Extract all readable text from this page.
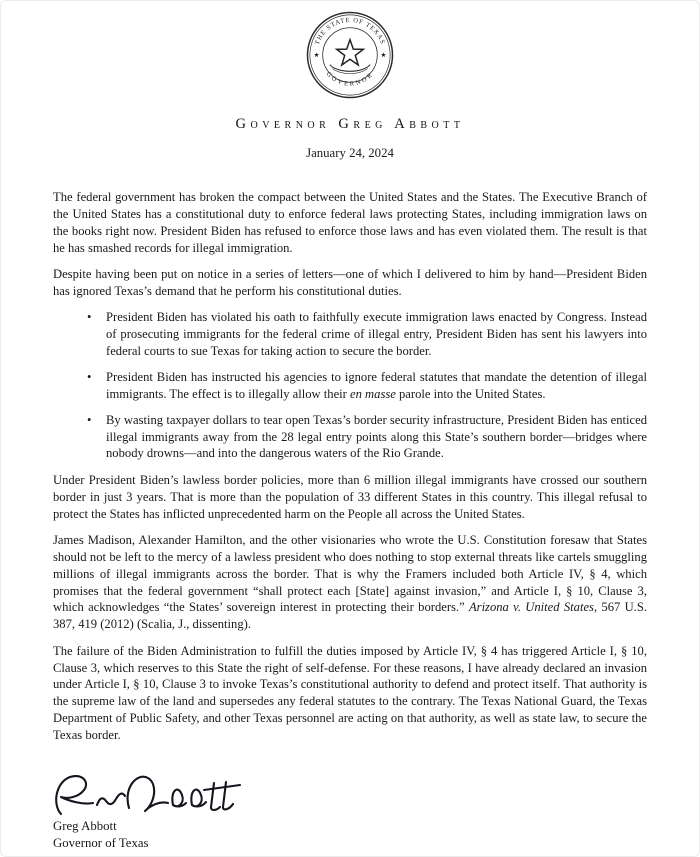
THE STATE OF TEXAS
GOVERNOR
Governor Greg Abbott
January 24, 2024

The federal government has broken the compact between the United States and the States. The Executive Branch of the United States has a constitutional duty to enforce federal laws protecting States, including immigration laws on the books right now. President Biden has refused to enforce those laws and has even violated them. The result is that he has smashed records for illegal immigration.

Despite having been put on notice in a series of letters—one of which I delivered to him by hand—President Biden has ignored Texas’s demand that he perform his constitutional duties.

• President Biden has violated his oath to faithfully execute immigration laws enacted by Congress. Instead of prosecuting immigrants for the federal crime of illegal entry, President Biden has sent his lawyers into federal courts to sue Texas for taking action to secure the border.
• President Biden has instructed his agencies to ignore federal statutes that mandate the detention of illegal immigrants. The effect is to illegally allow their en masse parole into the United States.
• By wasting taxpayer dollars to tear open Texas’s border security infrastructure, President Biden has enticed illegal immigrants away from the 28 legal entry points along this State’s southern border—bridges where nobody drowns—and into the dangerous waters of the Rio Grande.

Under President Biden’s lawless border policies, more than 6 million illegal immigrants have crossed our southern border in just 3 years. That is more than the population of 33 different States in this country. This illegal refusal to protect the States has inflicted unprecedented harm on the People all across the United States.

James Madison, Alexander Hamilton, and the other visionaries who wrote the U.S. Constitution foresaw that States should not be left to the mercy of a lawless president who does nothing to stop external threats like cartels smuggling millions of illegal immigrants across the border. That is why the Framers included both Article IV, § 4, which promises that the federal government “shall protect each [State] against invasion,” and Article I, § 10, Clause 3, which acknowledges “the States’ sovereign interest in protecting their borders.” Arizona v. United States, 567 U.S. 387, 419 (2012) (Scalia, J., dissenting).

The failure of the Biden Administration to fulfill the duties imposed by Article IV, § 4 has triggered Article I, § 10, Clause 3, which reserves to this State the right of self-defense. For these reasons, I have already declared an invasion under Article I, § 10, Clause 3 to invoke Texas’s constitutional authority to defend and protect itself. That authority is the supreme law of the land and supersedes any federal statutes to the contrary. The Texas National Guard, the Texas Department of Public Safety, and other Texas personnel are acting on that authority, as well as state law, to secure the Texas border.

Greg Abbott
Governor of Texas
